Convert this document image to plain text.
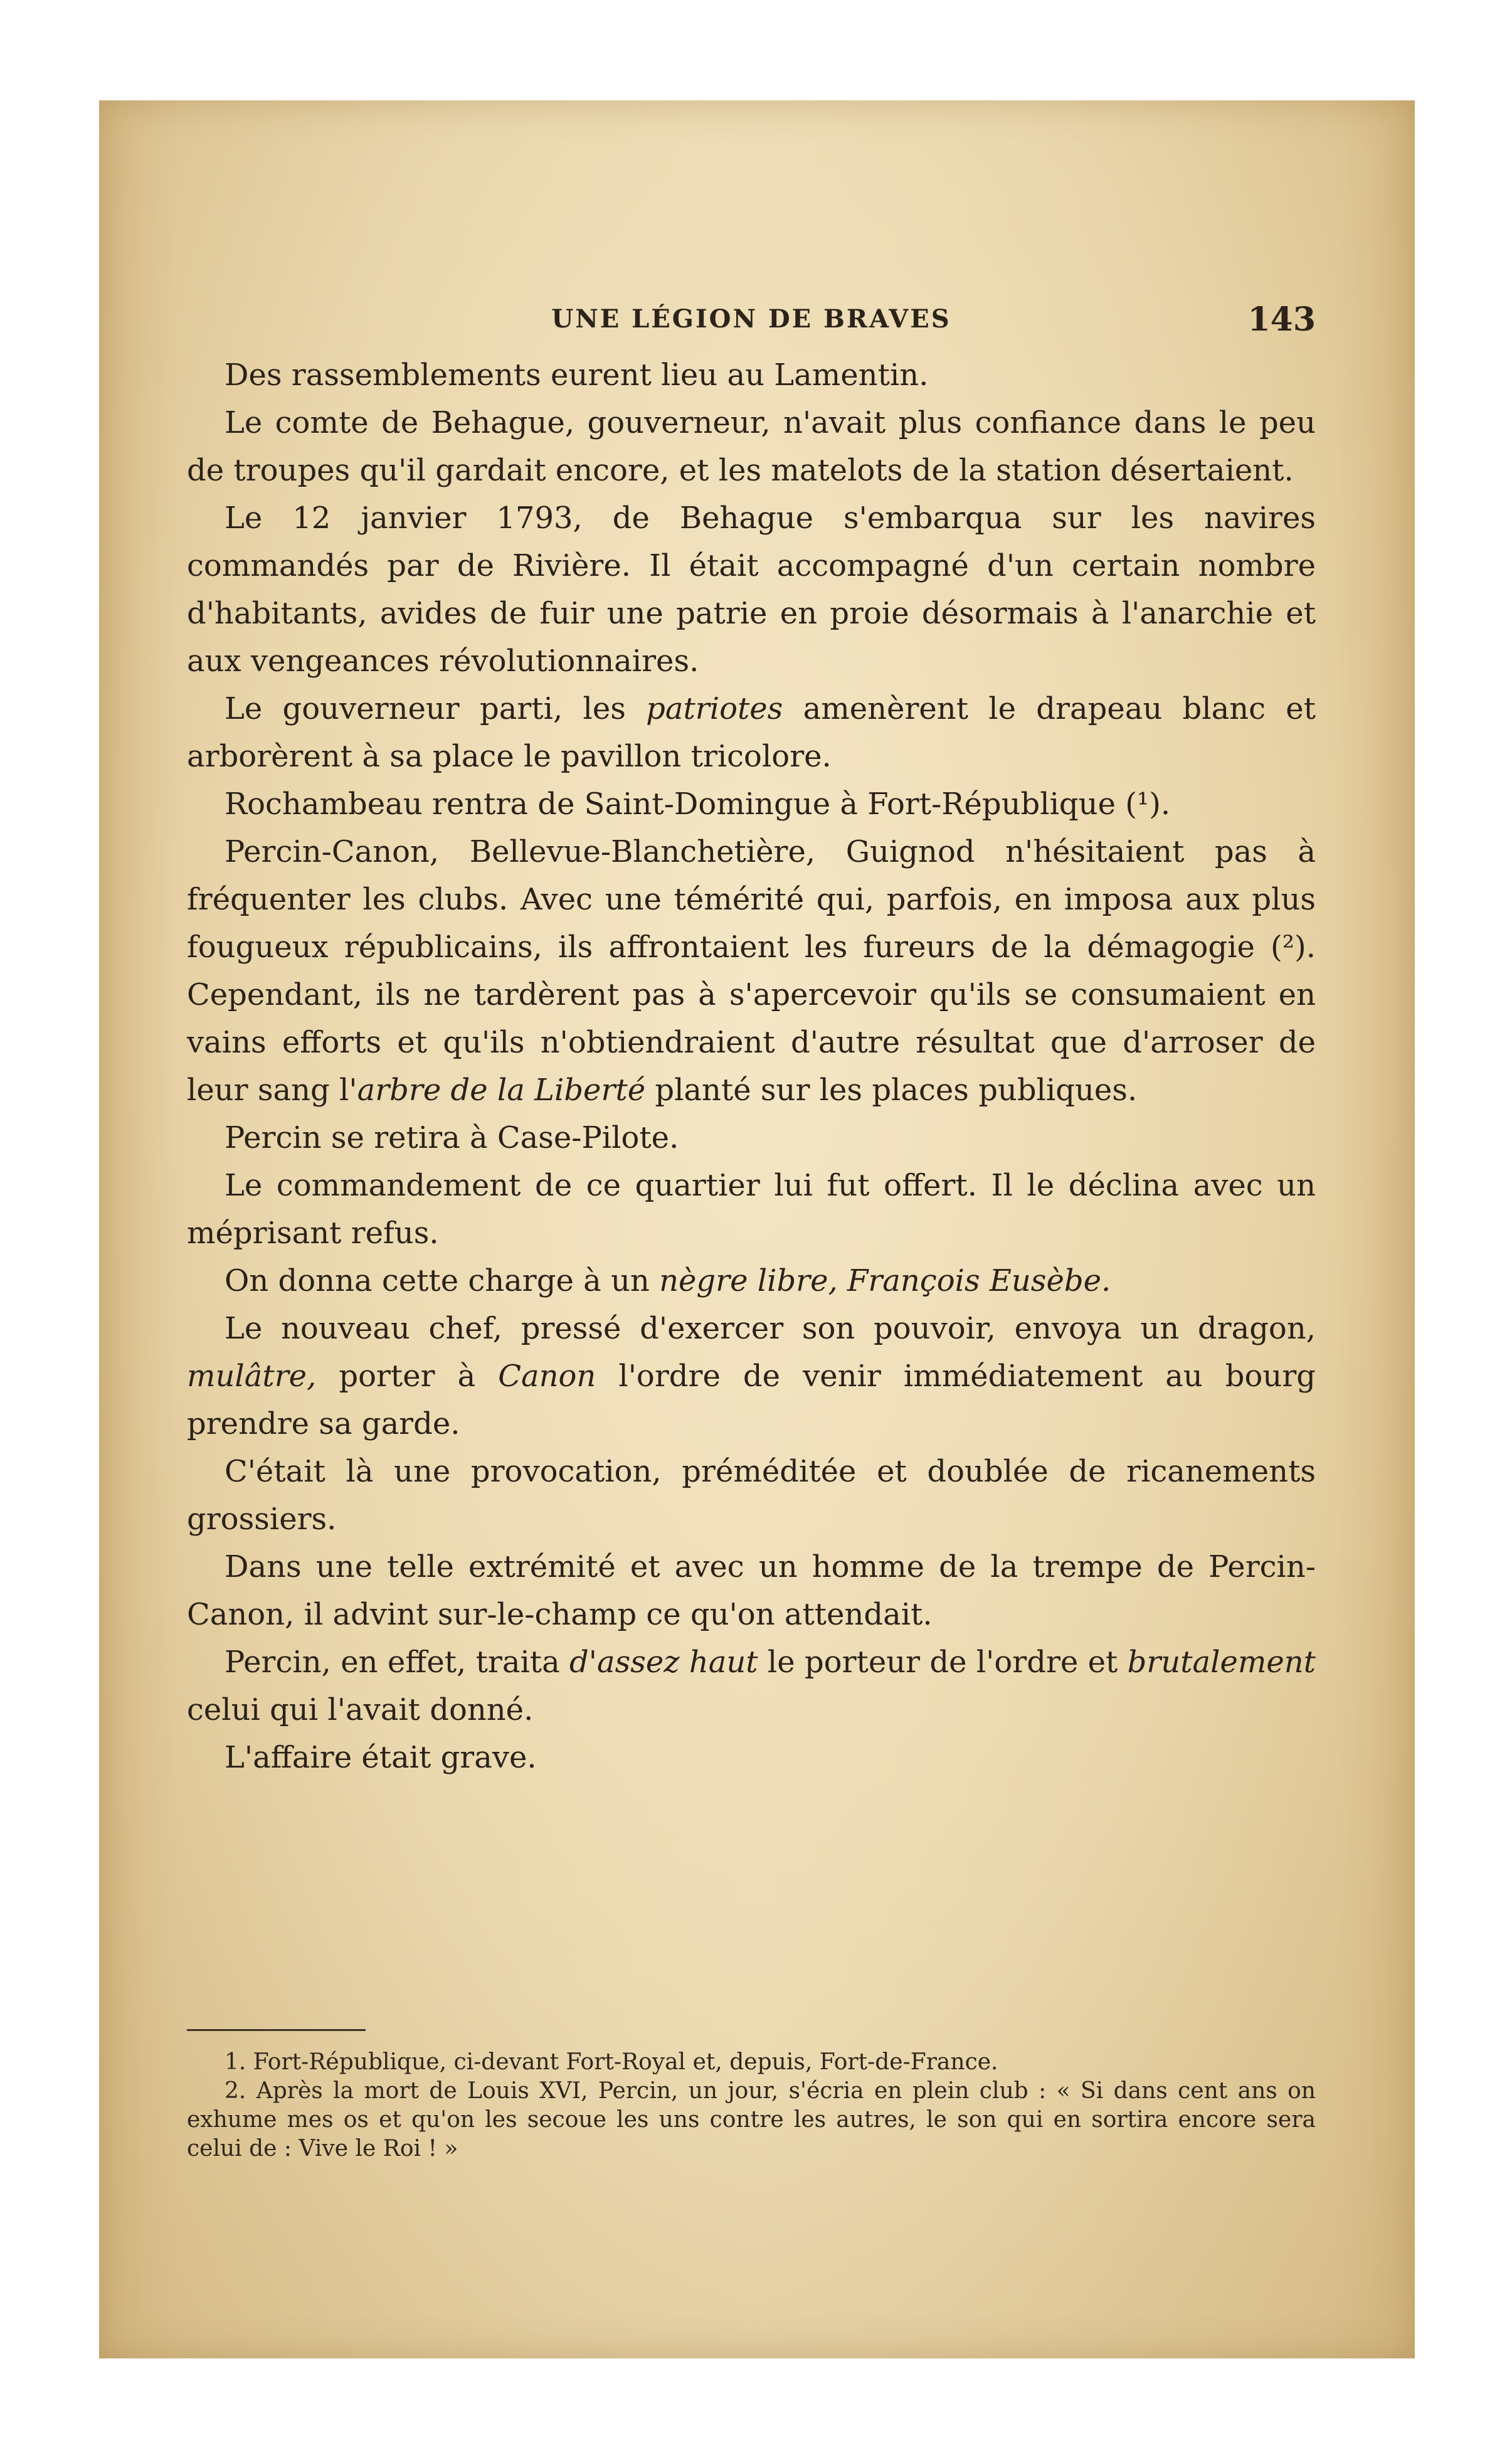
UNE LÉGION DE BRAVES	143

Des rassemblements eurent lieu au Lamentin.

Le comte de Behague, gouverneur, n'avait plus confiance dans le peu de troupes qu'il gardait encore, et les matelots de la station désertaient.

Le 12 janvier 1793, de Behague s'embarqua sur les navires commandés par de Rivière. Il était accompagné d'un certain nombre d'habitants, avides de fuir une patrie en proie désormais à l'anarchie et aux vengeances révolutionnaires.

Le gouverneur parti, les patriotes amenèrent le drapeau blanc et arborèrent à sa place le pavillon tricolore.

Rochambeau rentra de Saint-Domingue à Fort-République (¹).

Percin-Canon, Bellevue-Blanchetière, Guignod n'hésitaient pas à fréquenter les clubs. Avec une témérité qui, parfois, en imposa aux plus fougueux républicains, ils affrontaient les fureurs de la démagogie (²). Cependant, ils ne tardèrent pas à s'apercevoir qu'ils se consumaient en vains efforts et qu'ils n'obtiendraient d'autre résultat que d'arroser de leur sang l'arbre de la Liberté planté sur les places publiques.

Percin se retira à Case-Pilote.

Le commandement de ce quartier lui fut offert. Il le déclina avec un méprisant refus.

On donna cette charge à un nègre libre, François Eusèbe.

Le nouveau chef, pressé d'exercer son pouvoir, envoya un dragon, mulâtre, porter à Canon l'ordre de venir immédiatement au bourg prendre sa garde.

C'était là une provocation, préméditée et doublée de ricanements grossiers.

Dans une telle extrémité et avec un homme de la trempe de Percin-Canon, il advint sur-le-champ ce qu'on attendait.

Percin, en effet, traita d'assez haut le porteur de l'ordre et brutalement celui qui l'avait donné.

L'affaire était grave.

1. Fort-République, ci-devant Fort-Royal et, depuis, Fort-de-France.

2. Après la mort de Louis XVI, Percin, un jour, s'écria en plein club : « Si dans cent ans on exhume mes os et qu'on les secoue les uns contre les autres, le son qui en sortira encore sera celui de : Vive le Roi ! »
